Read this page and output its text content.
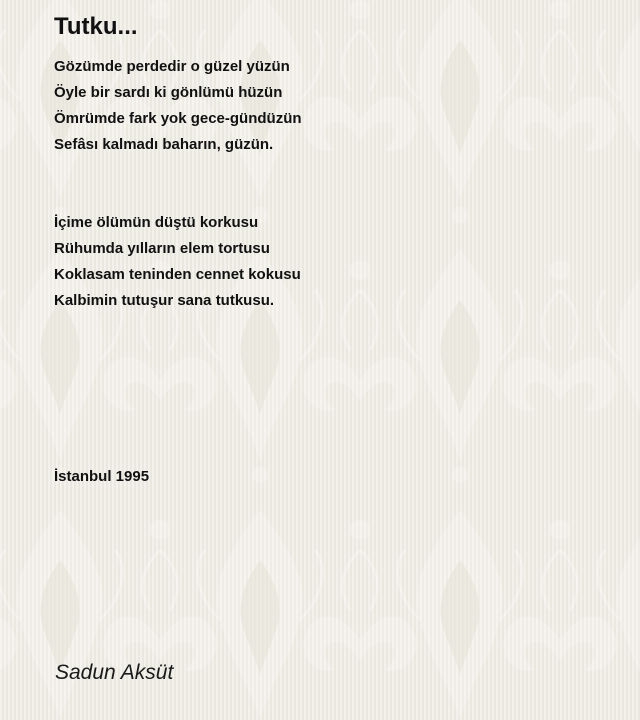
Tutku...
Gözümde perdedir o güzel yüzün
Öyle bir sardı ki gönlümü hüzün
Ömrümde fark yok gece-gündüzün
Sefâsı kalmadı baharın, güzün.
İçime ölümün düştü korkusu
Rühumda yılların elem tortusu
Koklasam teninden cennet kokusu
Kalbimin tutuşur sana tutkusu.
İstanbul 1995
Sadun Aksüt
